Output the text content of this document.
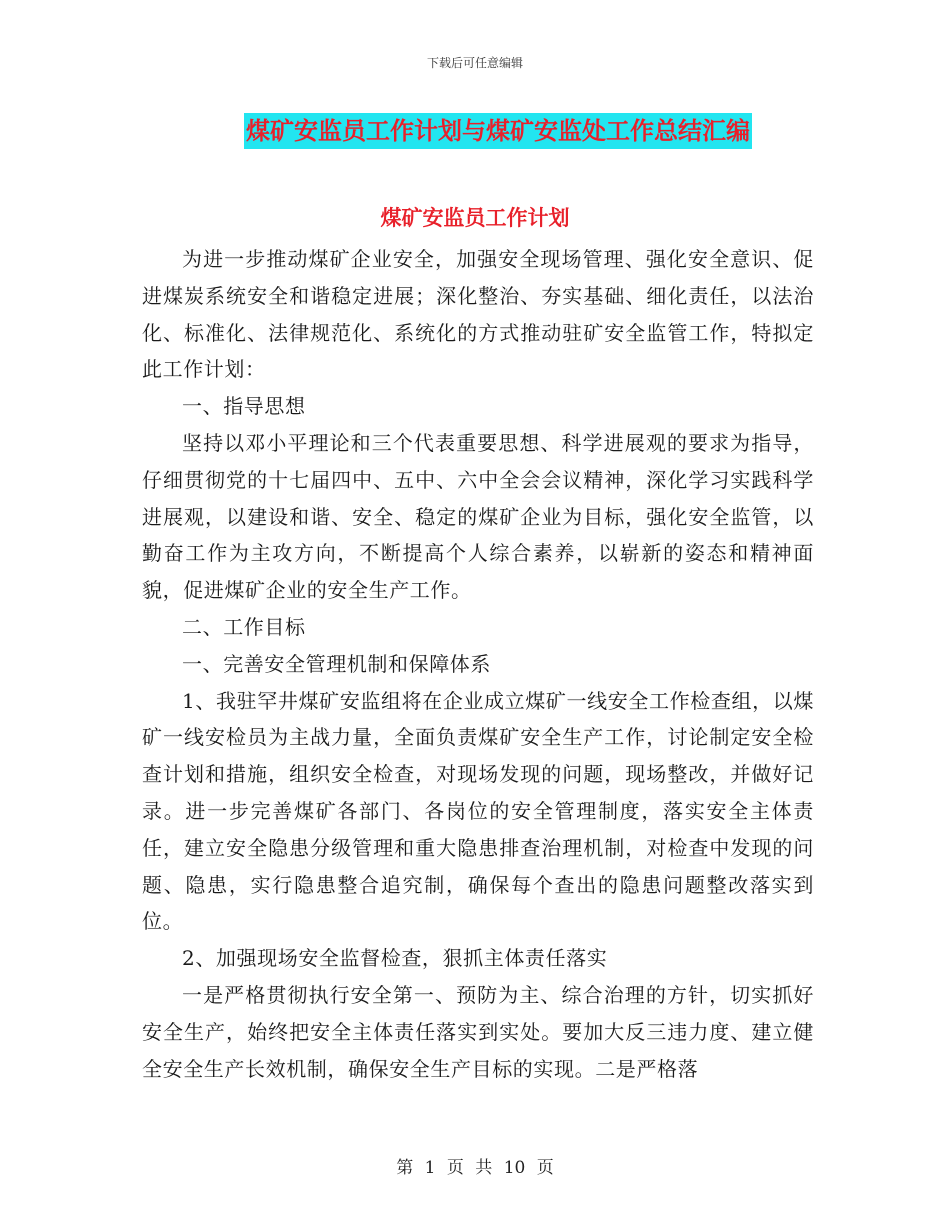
下载后可任意编辑
煤矿安监员工作计划与煤矿安监处工作总结汇编
煤矿安监员工作计划

为进一步推动煤矿企业安全，加强安全现场管理、强化安全意识、促进煤炭系统安全和谐稳定进展；深化整治、夯实基础、细化责任，以法治化、标准化、法律规范化、系统化的方式推动驻矿安全监管工作，特拟定此工作计划：

一、指导思想

坚持以邓小平理论和三个代表重要思想、科学进展观的要求为指导，仔细贯彻党的十七届四中、五中、六中全会会议精神，深化学习实践科学进展观，以建设和谐、安全、稳定的煤矿企业为目标，强化安全监管，以勤奋工作为主攻方向，不断提高个人综合素养，以崭新的姿态和精神面貌，促进煤矿企业的安全生产工作。

二、工作目标

一、完善安全管理机制和保障体系

1、我驻罕井煤矿安监组将在企业成立煤矿一线安全工作检查组，以煤矿一线安检员为主战力量，全面负责煤矿安全生产工作，讨论制定安全检查计划和措施，组织安全检查，对现场发现的问题，现场整改，并做好记录。进一步完善煤矿各部门、各岗位的安全管理制度，落实安全主体责任，建立安全隐患分级管理和重大隐患排查治理机制，对检查中发现的问题、隐患，实行隐患整合追究制，确保每个查出的隐患问题整改落实到位。

2、加强现场安全监督检查，狠抓主体责任落实

一是严格贯彻执行安全第一、预防为主、综合治理的方针，切实抓好安全生产，始终把安全主体责任落实到实处。要加大反三违力度、建立健全安全生产长效机制，确保安全生产目标的实现。二是严格落

第 1 页 共 10 页
